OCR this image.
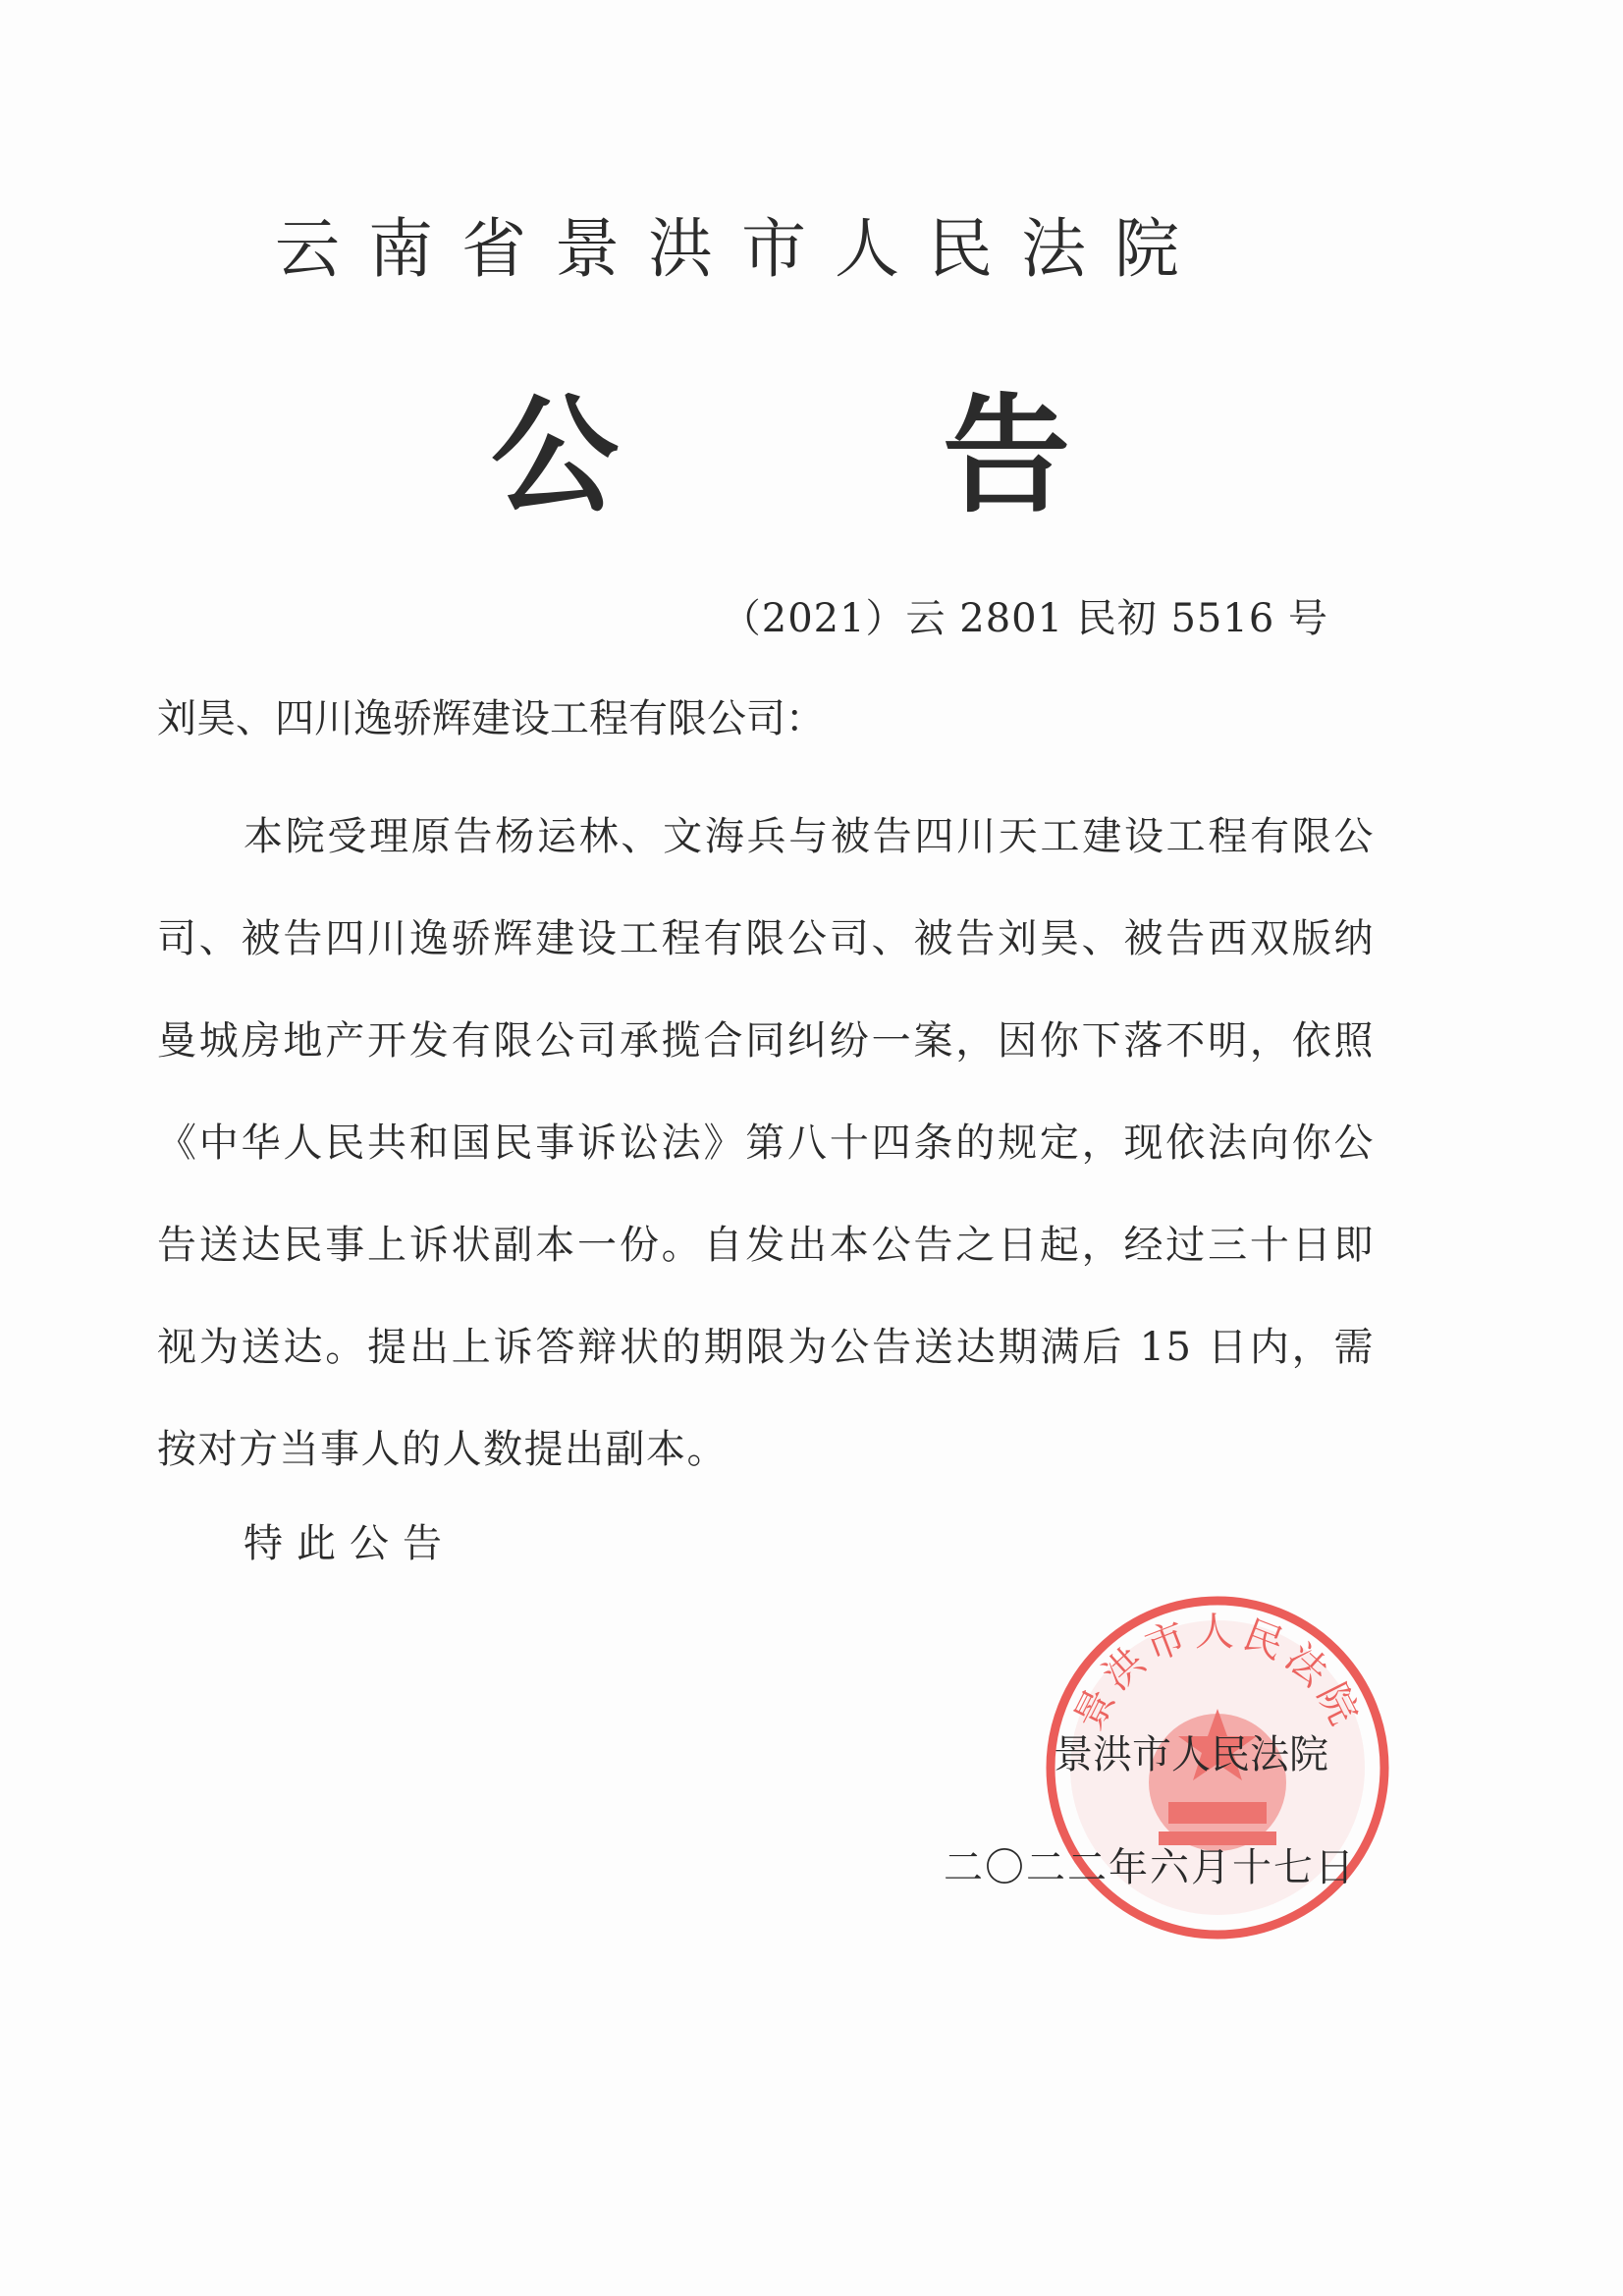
云南省景洪市人民法院
公	告
（2021）云 2801 民初 5516 号
刘昊、四川逸骄辉建设工程有限公司：
本院受理原告杨运林、文海兵与被告四川天工建设工程有限公司、被告四川逸骄辉建设工程有限公司、被告刘昊、被告西双版纳曼城房地产开发有限公司承揽合同纠纷一案，因你下落不明，依照《中华人民共和国民事诉讼法》第八十四条的规定，现依法向你公告送达民事上诉状副本一份。自发出本公告之日起，经过三十日即视为送达。提出上诉答辩状的期限为公告送达期满后 15 日内，需按对方当事人的人数提出副本。
特此公告
景洪市人民法院
景洪市人民法院
二〇二二年六月十七日
